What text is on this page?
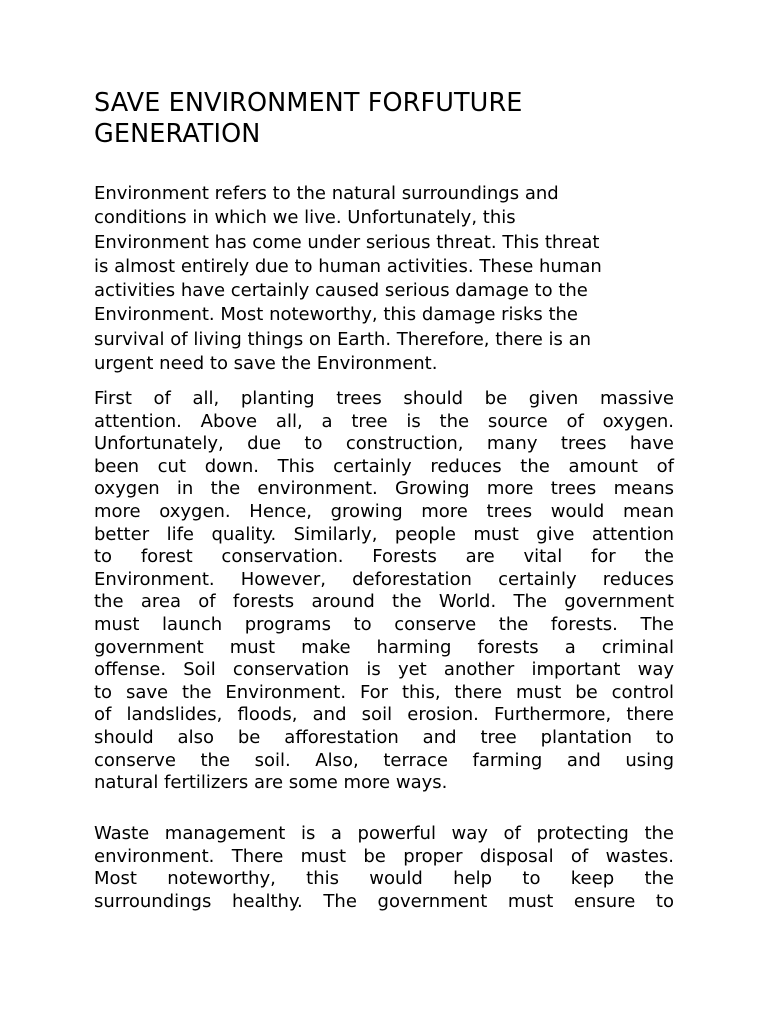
SAVE ENVIRONMENT FORFUTURE
GENERATION

Environment refers to the natural surroundings and
conditions in which we live. Unfortunately, this
Environment has come under serious threat. This threat
is almost entirely due to human activities. These human
activities have certainly caused serious damage to the
Environment. Most noteworthy, this damage risks the
survival of living things on Earth. Therefore, there is an
urgent need to save the Environment.

First of all, planting trees should be given massive
attention. Above all, a tree is the source of oxygen.
Unfortunately, due to construction, many trees have
been cut down. This certainly reduces the amount of
oxygen in the environment. Growing more trees means
more oxygen. Hence, growing more trees would mean
better life quality. Similarly, people must give attention
to forest conservation. Forests are vital for the
Environment. However, deforestation certainly reduces
the area of forests around the World. The government
must launch programs to conserve the forests. The
government must make harming forests a criminal
offense. Soil conservation is yet another important way
to save the Environment. For this, there must be control
of landslides, floods, and soil erosion. Furthermore, there
should also be afforestation and tree plantation to
conserve the soil. Also, terrace farming and using
natural fertilizers are some more ways.

Waste management is a powerful way of protecting the
environment. There must be proper disposal of wastes.
Most noteworthy, this would help to keep the
surroundings healthy. The government must ensure to
